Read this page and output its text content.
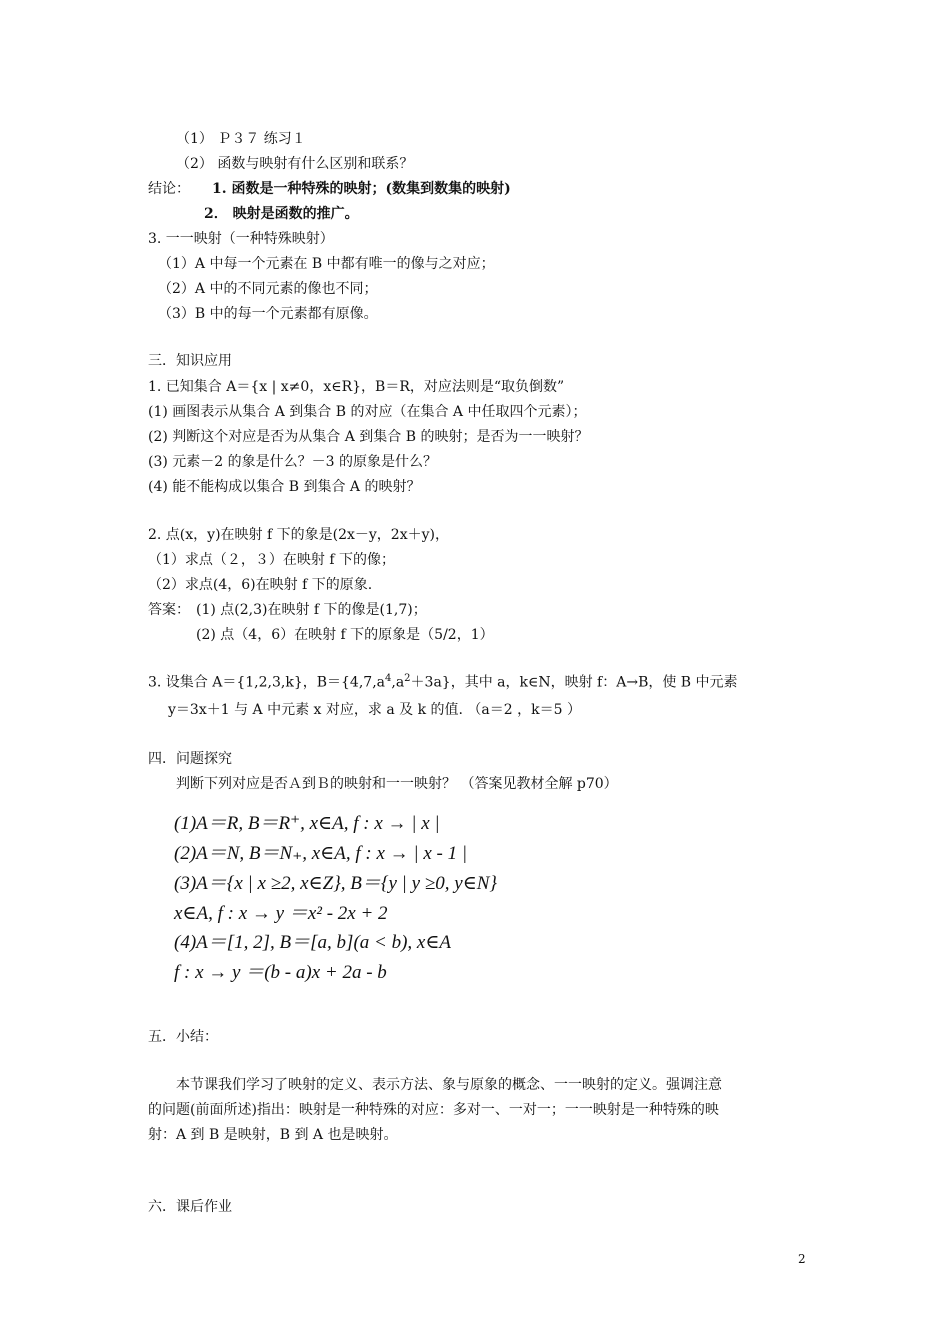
（1） Ｐ３７ 练习１
（2） 函数与映射有什么区别和联系？
结论： 1. 函数是一种特殊的映射；(数集到数集的映射)
2． 映射是函数的推广。
3. 一一映射（一种特殊映射）
（1）A 中每一个元素在 B 中都有唯一的像与之对应；
（2）A 中的不同元素的像也不同；
（3）B 中的每一个元素都有原像。
三．知识应用
1. 已知集合 A＝{x | x≠0，x∈R}，B＝R，对应法则是“取负倒数”
(1) 画图表示从集合 A 到集合 B 的对应（在集合 A 中任取四个元素）；
(2) 判断这个对应是否为从集合 A 到集合 B 的映射；是否为一一映射？
(3) 元素－2 的象是什么？－3 的原象是什么？
(4) 能不能构成以集合 B 到集合 A 的映射？
2. 点(x，y)在映射 f 下的象是(2x－y，2x＋y)，
（1）求点（２，３）在映射 f 下的像；
（2）求点(4，6)在映射 f 下的原象.
答案： (1) 点(2,3)在映射 f 下的像是(1,7)；
(2) 点（4，6）在映射 f 下的原象是（5/2，1）
3. 设集合 A＝{1,2,3,k}，$B=\{4,7,a^4,a^2+3a\}$，其中 a，k∈N，映射 f：A→B，使 B 中元素
y＝3x＋1 与 A 中元素 x 对应，求 a 及 k 的值. （a＝2 ，k＝5 ）
四．问题探究
判断下列对应是否Ａ到Ｂ的映射和一一映射？ （答案见教材全解 p70）
(1)A＝R, B＝R⁺, x∈A, f : x → | x |
(2)A＝N, B＝N₊, x∈A, f : x → | x - 1 |
(3)A＝{x | x ≥2, x∈Z}, B＝{y | y ≥0, y∈N}
x∈A, f : x → y ＝x² - 2x + 2
(4)A＝[1, 2], B＝[a, b](a < b), x∈A
f : x → y ＝(b - a)x + 2a - b
五．小结：
本节课我们学习了映射的定义、表示方法、象与原象的概念、一一映射的定义。强调注意
的问题(前面所述)指出：映射是一种特殊的对应：多对一、一对一；一一映射是一种特殊的映
射：A 到 B 是映射，B 到 A 也是映射。
六．课后作业
2
